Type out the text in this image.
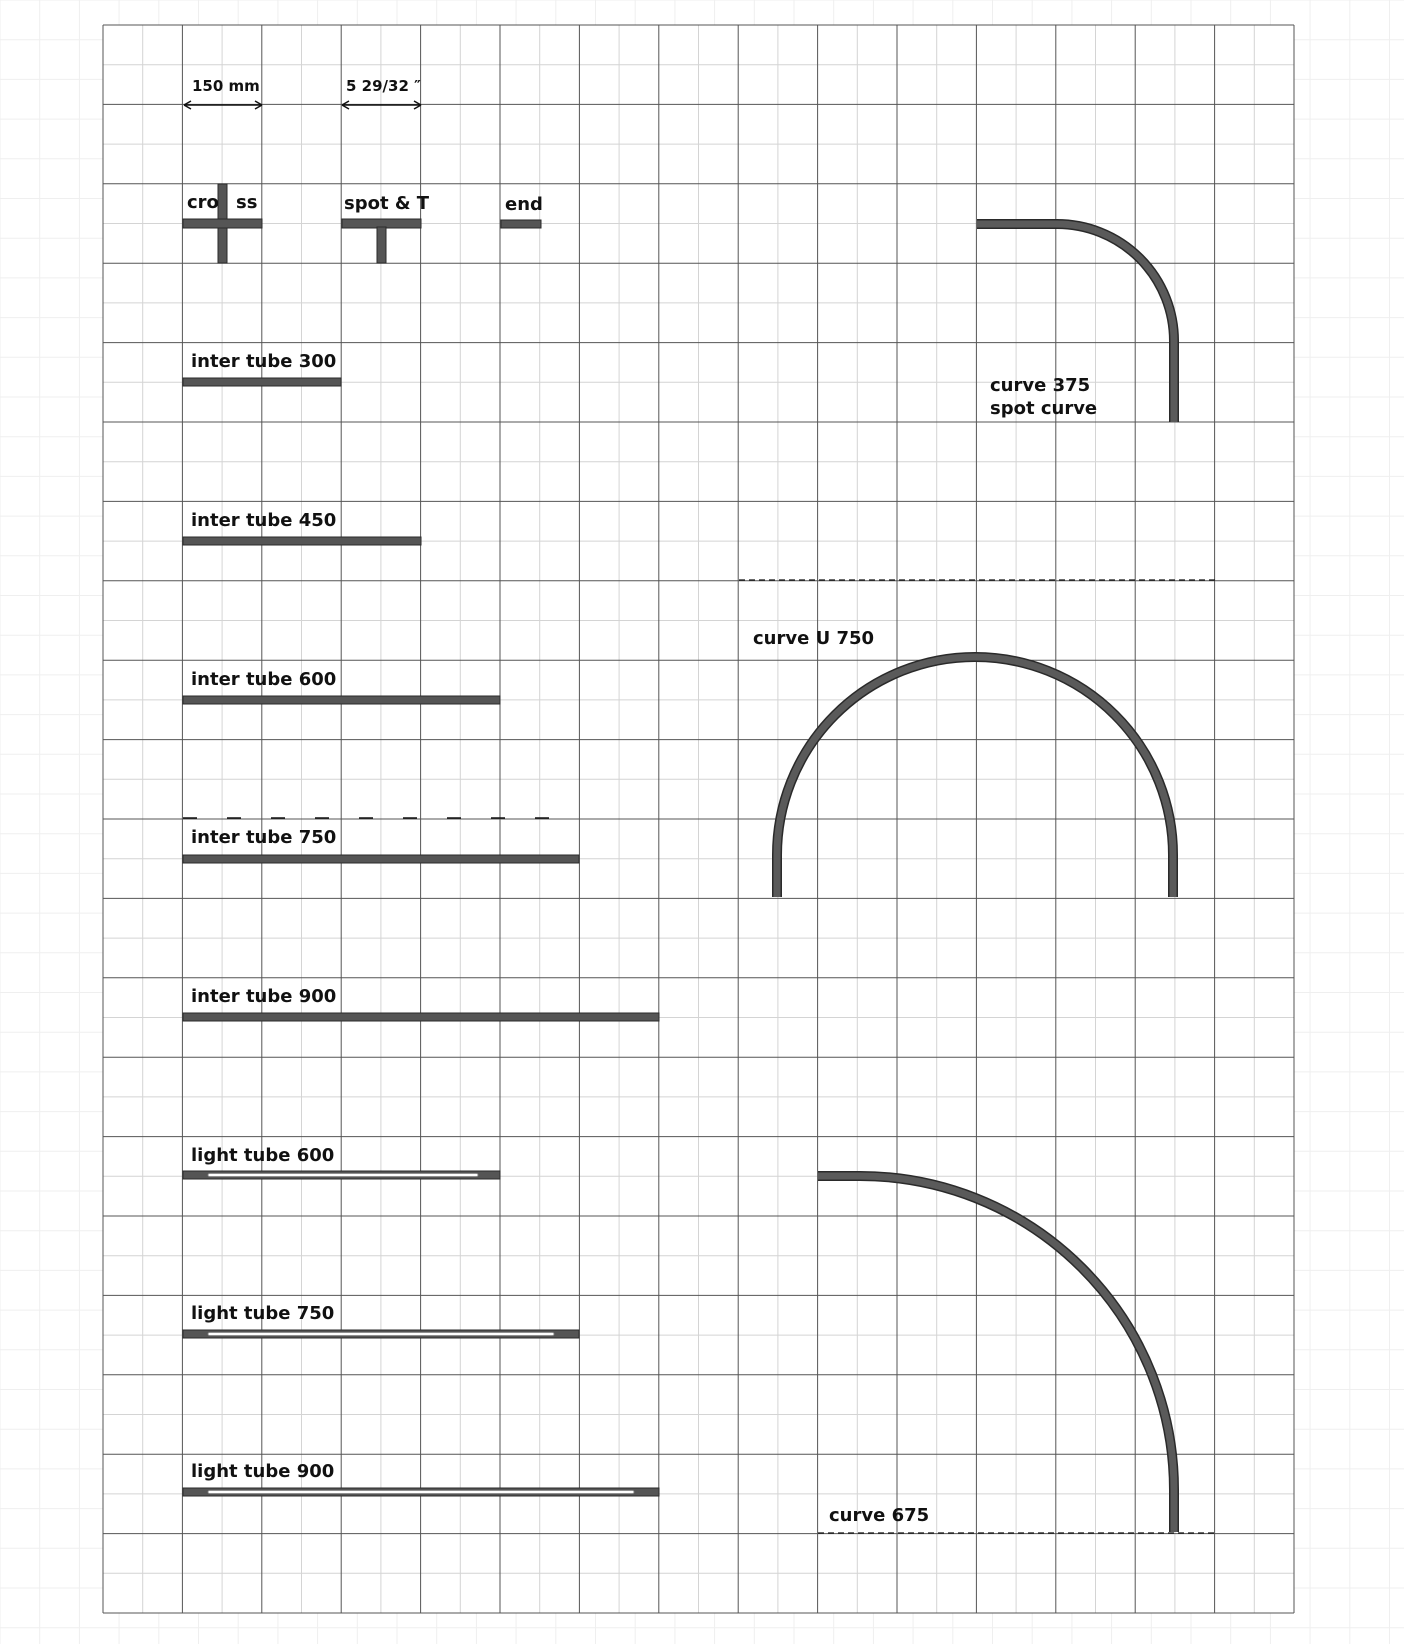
150 mm	5 29/32 ″
cro ss	spot & T	end
inter tube 300
inter tube 450
inter tube 600
inter tube 750
inter tube 900
light tube 600
light tube 750
light tube 900
curve 375
spot curve
curve U 750
curve 675
